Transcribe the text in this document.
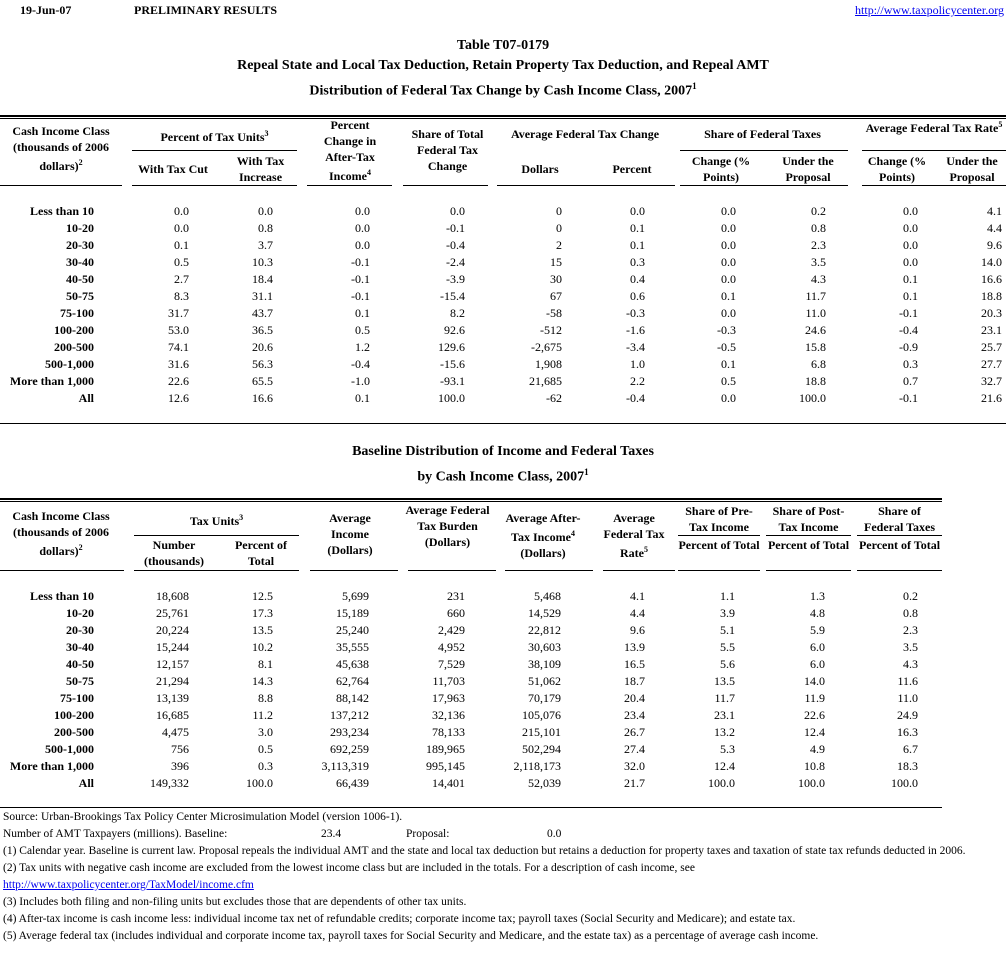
19-Jun-07	PRELIMINARY RESULTS	http://www.taxpolicycenter.org
Table T07-0179
Repeal State and Local Tax Deduction, Retain Property Tax Deduction, and Repeal AMT
Distribution of Federal Tax Change by Cash Income Class, 2007$^1$
Cash Income Class (thousands of 2006 dollars)$^2$
Percent of Tax Units$^3$
With Tax Cut
With Tax Increase
Percent Change in After-Tax Income$^4$
Share of Total Federal Tax Change
Average Federal Tax Change
Dollars	Percent
Share of Federal Taxes
Change (% Points)
Under the Proposal
Average Federal Tax Rate$^5$
Change (% Points)
Under the Proposal
Less than 10	0.0	0.0	0.0	0.0	0	0.0	0.0	0.2	0.0	4.1
10-20	0.0	0.8	0.0	-0.1	0	0.1	0.0	0.8	0.0	4.4
20-30	0.1	3.7	0.0	-0.4	2	0.1	0.0	2.3	0.0	9.6
30-40	0.5	10.3	-0.1	-2.4	15	0.3	0.0	3.5	0.0	14.0
40-50	2.7	18.4	-0.1	-3.9	30	0.4	0.0	4.3	0.1	16.6
50-75	8.3	31.1	-0.1	-15.4	67	0.6	0.1	11.7	0.1	18.8
75-100	31.7	43.7	0.1	8.2	-58	-0.3	0.0	11.0	-0.1	20.3
100-200	53.0	36.5	0.5	92.6	-512	-1.6	-0.3	24.6	-0.4	23.1
200-500	74.1	20.6	1.2	129.6	-2,675	-3.4	-0.5	15.8	-0.9	25.7
500-1,000	31.6	56.3	-0.4	-15.6	1,908	1.0	0.1	6.8	0.3	27.7
More than 1,000	22.6	65.5	-1.0	-93.1	21,685	2.2	0.5	18.8	0.7	32.7
All	12.6	16.6	0.1	100.0	-62	-0.4	0.0	100.0	-0.1	21.6
Baseline Distribution of Income and Federal Taxes
by Cash Income Class, 2007$^1$
Cash Income Class (thousands of 2006 dollars)$^2$
Tax Units$^3$
Number (thousands)
Percent of Total
Average Income (Dollars)
Average Federal Tax Burden (Dollars)
Average After-Tax Income$^4$
(Dollars)
Average Federal Tax Rate$^5$
Share of Pre-Tax Income
Share of Post-Tax Income
Share of Federal Taxes
Percent of Total Percent of Total Percent of Total
Less than 10	18,608	12.5	5,699	231	5,468	4.1	1.1	1.3	0.2
10-20	25,761	17.3	15,189	660	14,529	4.4	3.9	4.8	0.8
20-30	20,224	13.5	25,240	2,429	22,812	9.6	5.1	5.9	2.3
30-40	15,244	10.2	35,555	4,952	30,603	13.9	5.5	6.0	3.5
40-50	12,157	8.1	45,638	7,529	38,109	16.5	5.6	6.0	4.3
50-75	21,294	14.3	62,764	11,703	51,062	18.7	13.5	14.0	11.6
75-100	13,139	8.8	88,142	17,963	70,179	20.4	11.7	11.9	11.0
100-200	16,685	11.2	137,212	32,136	105,076	23.4	23.1	22.6	24.9
200-500	4,475	3.0	293,234	78,133	215,101	26.7	13.2	12.4	16.3
500-1,000	756	0.5	692,259	189,965	502,294	27.4	5.3	4.9	6.7
More than 1,000	396	0.3	3,113,319	995,145	2,118,173	32.0	12.4	10.8	18.3
All	149,332	100.0	66,439	14,401	52,039	21.7	100.0	100.0	100.0
Source: Urban-Brookings Tax Policy Center Microsimulation Model (version 1006-1).
Number of AMT Taxpayers (millions). Baseline:	23.4	Proposal:	0.0
(1) Calendar year. Baseline is current law. Proposal repeals the individual AMT and the state and local tax deduction but retains a deduction for property taxes and taxation of state tax refunds deducted in 2006.
(2) Tax units with negative cash income are excluded from the lowest income class but are included in the totals. For a description of cash income, see
http://www.taxpolicycenter.org/TaxModel/income.cfm
(3) Includes both filing and non-filing units but excludes those that are dependents of other tax units.
(4) After-tax income is cash income less: individual income tax net of refundable credits; corporate income tax; payroll taxes (Social Security and Medicare); and estate tax.
(5) Average federal tax (includes individual and corporate income tax, payroll taxes for Social Security and Medicare, and the estate tax) as a percentage of average cash income.
